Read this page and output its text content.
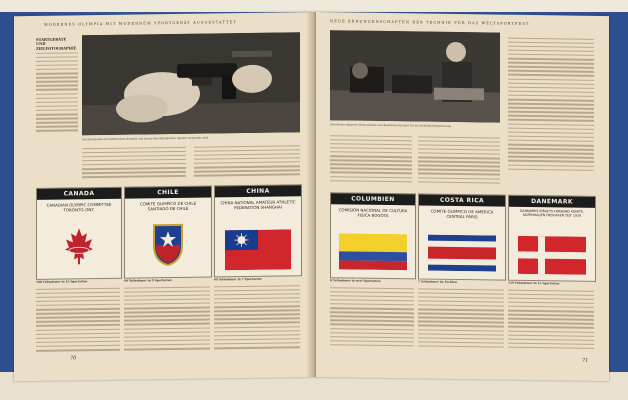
MODERNES OLYMPIA MIT MODERNEM SPORTGERÄT AUSGESTATTET
STARTGERÄTE UND ZIELFOTOGRAPHIE
Die Startpistole mit elektrischem Kontakt, wie sie bei den Olympischen Spielen verwendet wird
CANADA
CANADIAN OLYMPIC COMMITTEE TORONTO-ONT.
CHILE
COMITE OLIMPICO DE CHILE SANTIAGO DE CHILE
CHINA
CHINA NATIONAL AMATEUR ATHLETIC FEDERATION SHANGHAI
108 Teilnehmer in 13 Sportarten	60 Teilnehmer in 9 Sportarten	69 Teilnehmer in 7 Sportarten
70
NEUE ERRUNGENSCHAFTEN DER TECHNIK FÜR DAS WELTSPORTFEST
Zeitnehmer-Apparat, Messerstände und Registrierschreiber für die Zieleinlaufregistrierung
COLUMBIEN
COMISION NACIONAL DE CULTURA FISICA BOGOTA
COSTA RICA
COMITE OLIMPICO DE AMERICA CENTRAL PARIS
DANEMARK
DANMARKS IDRAETS FORBUND KOMITE, KOPENHAGEN FREIHAFEN TEJT 1939
8 Teilnehmer in zwei Sportarten	1 Teilnehmer im Fechten	159 Teilnehmer in 15 Sportarten
71
